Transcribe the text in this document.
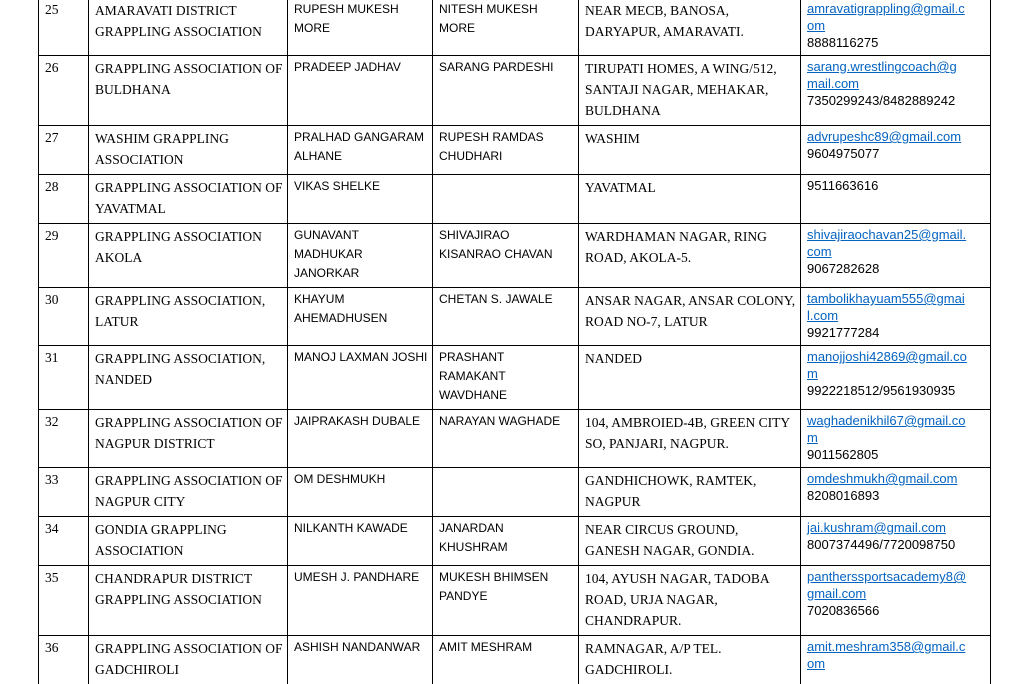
25	AMARAVATI DISTRICT GRAPPLING ASSOCIATION	RUPESH MUKESH MORE	NITESH MUKESH MORE	NEAR MECB, BANOSA, DARYAPUR, AMARAVATI.	amravatigrappling@gmail.com
8888116275

26	GRAPPLING ASSOCIATION OF BULDHANA	PRADEEP JADHAV	SARANG PARDESHI	TIRUPATI HOMES, A WING/512, SANTAJI NAGAR, MEHAKAR, BULDHANA	sarang.wrestlingcoach@gmail.com
7350299243/8482889242

27	WASHIM GRAPPLING ASSOCIATION	PRALHAD GANGARAM ALHANE	RUPESH RAMDAS CHUDHARI	WASHIM	advrupeshc89@gmail.com
9604975077

28	GRAPPLING ASSOCIATION OF YAVATMAL	VIKAS SHELKE		YAVATMAL	9511663616

29	GRAPPLING ASSOCIATION AKOLA	GUNAVANT MADHUKAR JANORKAR	SHIVAJIRAO KISANRAO CHAVAN	WARDHAMAN NAGAR, RING ROAD, AKOLA-5.	shivajiraochavan25@gmail.com
9067282628

30	GRAPPLING ASSOCIATION, LATUR	KHAYUM AHEMADHUSEN	CHETAN S. JAWALE	ANSAR NAGAR, ANSAR COLONY, ROAD NO-7, LATUR	tambolikhayuam555@gmail.com
9921777284

31	GRAPPLING ASSOCIATION, NANDED	MANOJ LAXMAN JOSHI	PRASHANT RAMAKANT WAVDHANE	NANDED	manojjoshi42869@gmail.com
9922218512/9561930935

32	GRAPPLING ASSOCIATION OF NAGPUR DISTRICT	JAIPRAKASH DUBALE	NARAYAN WAGHADE	104, AMBROIED-4B, GREEN CITY SO, PANJARI, NAGPUR.	waghadenikhil67@gmail.com
9011562805

33	GRAPPLING ASSOCIATION OF NAGPUR CITY	OM DESHMUKH		GANDHICHOWK, RAMTEK, NAGPUR	omdeshmukh@gmail.com
8208016893

34	GONDIA GRAPPLING ASSOCIATION	NILKANTH KAWADE	JANARDAN KHUSHRAM	NEAR CIRCUS GROUND, GANESH NAGAR, GONDIA.	jai.kushram@gmail.com
8007374496/7720098750

35	CHANDRAPUR DISTRICT GRAPPLING ASSOCIATION	UMESH J. PANDHARE	MUKESH BHIMSEN PANDYE	104, AYUSH NAGAR, TADOBA ROAD, URJA NAGAR, CHANDRAPUR.	pantherssportsacademy8@gmail.com
7020836566

36	GRAPPLING ASSOCIATION OF GADCHIROLI	ASHISH NANDANWAR	AMIT MESHRAM	RAMNAGAR, A/P TEL. GADCHIROLI.	amit.meshram358@gmail.com
